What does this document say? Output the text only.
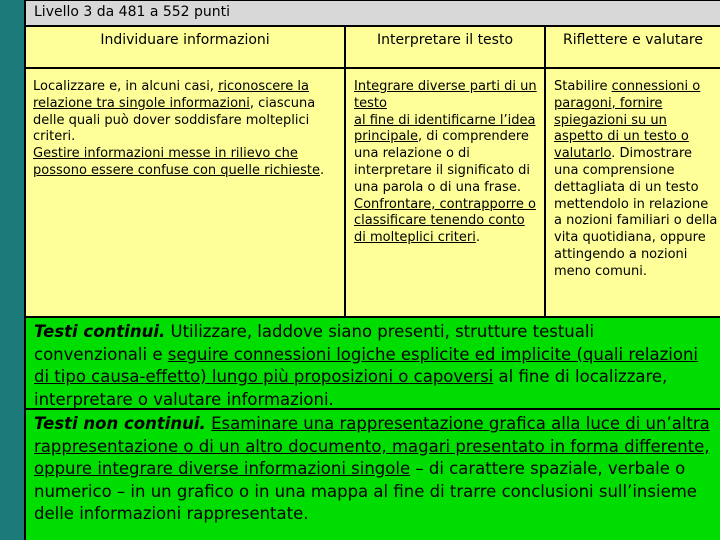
Livello 3 da 481 a 552 punti
Individuare informazioni	Interpretare il testo	Riflettere e valutare
Localizzare e, in alcuni casi, riconoscere la relazione tra singole informazioni, ciascuna delle quali può dover soddisfare molteplici criteri.
Gestire informazioni messe in rilievo che possono essere confuse con quelle richieste.
Integrare diverse parti di un testo
al fine di identificarne l’idea principale, di comprendere una relazione o di interpretare il significato di una parola o di una frase.
Confrontare, contrapporre o classificare tenendo conto di molteplici criteri.
Stabilire connessioni o paragoni, fornire spiegazioni su un aspetto di un testo o valutarlo. Dimostrare una comprensione dettagliata di un testo mettendolo in relazione a nozioni familiari o della vita quotidiana, oppure attingendo a nozioni meno comuni.
Testi continui. Utilizzare, laddove siano presenti, strutture testuali convenzionali e seguire connessioni logiche esplicite ed implicite (quali relazioni di tipo causa-effetto) lungo più proposizioni o capoversi al fine di localizzare, interpretare o valutare informazioni.
Testi non continui. Esaminare una rappresentazione grafica alla luce di un’altra rappresentazione o di un altro documento, magari presentato in forma differente, oppure integrare diverse informazioni singole – di carattere spaziale, verbale o numerico – in un grafico o in una mappa al fine di trarre conclusioni sull’insieme delle informazioni rappresentate.
